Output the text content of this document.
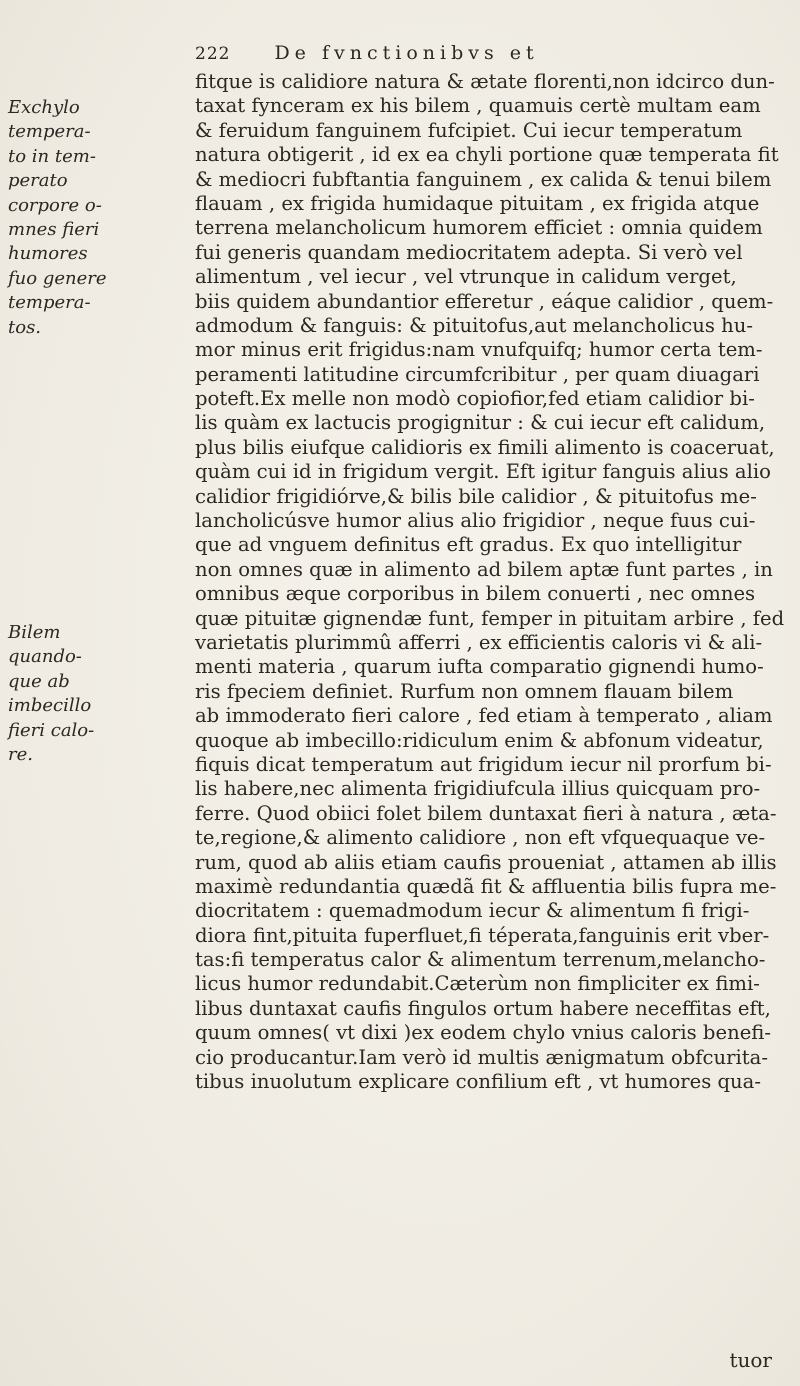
222 De fvnctionibvs et
fitque is calidiore natura & ætate florenti,non idcirco dun-
taxat fynceram ex his bilem , quamuis certè multam eam
& feruidum fanguinem fufcipiet. Cui iecur temperatum
natura obtigerit , id ex ea chyli portione quæ temperata fit
& mediocri fubftantia fanguinem , ex calida & tenui bilem
flauam , ex frigida humidaque pituitam , ex frigida atque
terrena melancholicum humorem efficiet : omnia quidem
fui generis quandam mediocritatem adepta. Si verò vel
alimentum , vel iecur , vel vtrunque in calidum verget,
biis quidem abundantior efferetur , eáque calidior , quem-
admodum & fanguis: & pituitofus,aut melancholicus hu-
mor minus erit frigidus:nam vnufquifq; humor certa tem-
peramenti latitudine circumfcribitur , per quam diuagari
poteft.Ex melle non modò copiofior,fed etiam calidior bi-
lis quàm ex lactucis progignitur : & cui iecur eft calidum,
plus bilis eiufque calidioris ex fimili alimento is coaceruat,
quàm cui id in frigidum vergit. Eft igitur fanguis alius alio
calidior frigidiórve,& bilis bile calidior , & pituitofus me-
lancholicúsve humor alius alio frigidior , neque fuus cui-
que ad vnguem definitus eft gradus. Ex quo intelligitur
non omnes quæ in alimento ad bilem aptæ funt partes , in
omnibus æque corporibus in bilem conuerti , nec omnes
quæ pituitæ gignendæ funt, femper in pituitam arbire , fed
varietatis plurimmû afferri , ex efficientis caloris vi & ali-
menti materia , quarum iufta comparatio gignendi humo-
ris fpeciem definiet. Rurfum non omnem flauam bilem
ab immoderato fieri calore , fed etiam à temperato , aliam
quoque ab imbecillo:ridiculum enim & abfonum videatur,
fiquis dicat temperatum aut frigidum iecur nil prorfum bi-
lis habere,nec alimenta frigidiufcula illius quicquam pro-
ferre. Quod obiici folet bilem duntaxat fieri à natura , æta-
te,regione,& alimento calidiore , non eft vfquequaque ve-
rum, quod ab aliis etiam caufis proueniat , attamen ab illis
maximè redundantia quædã fit & affluentia bilis fupra me-
diocritatem : quemadmodum iecur & alimentum fi frigi-
diora fint,pituita fuperfluet,fi téperata,fanguinis erit vber-
tas:fi temperatus calor & alimentum terrenum,melancho-
licus humor redundabit.Cæterùm non fimpliciter ex fimi-
libus duntaxat caufis fingulos ortum habere neceffitas eft,
quum omnes( vt dixi )ex eodem chylo vnius caloris benefi-
cio producantur.Iam verò id multis ænigmatum obfcurita-
tibus inuolutum explicare confilium eft , vt humores qua-
Exchylo
tempera-
to in tem-
perato
corpore o-
mnes fieri
humores
fuo genere
tempera-
tos.
Bilem
quando-
que ab
imbecillo
fieri calo-
re.
tuor
